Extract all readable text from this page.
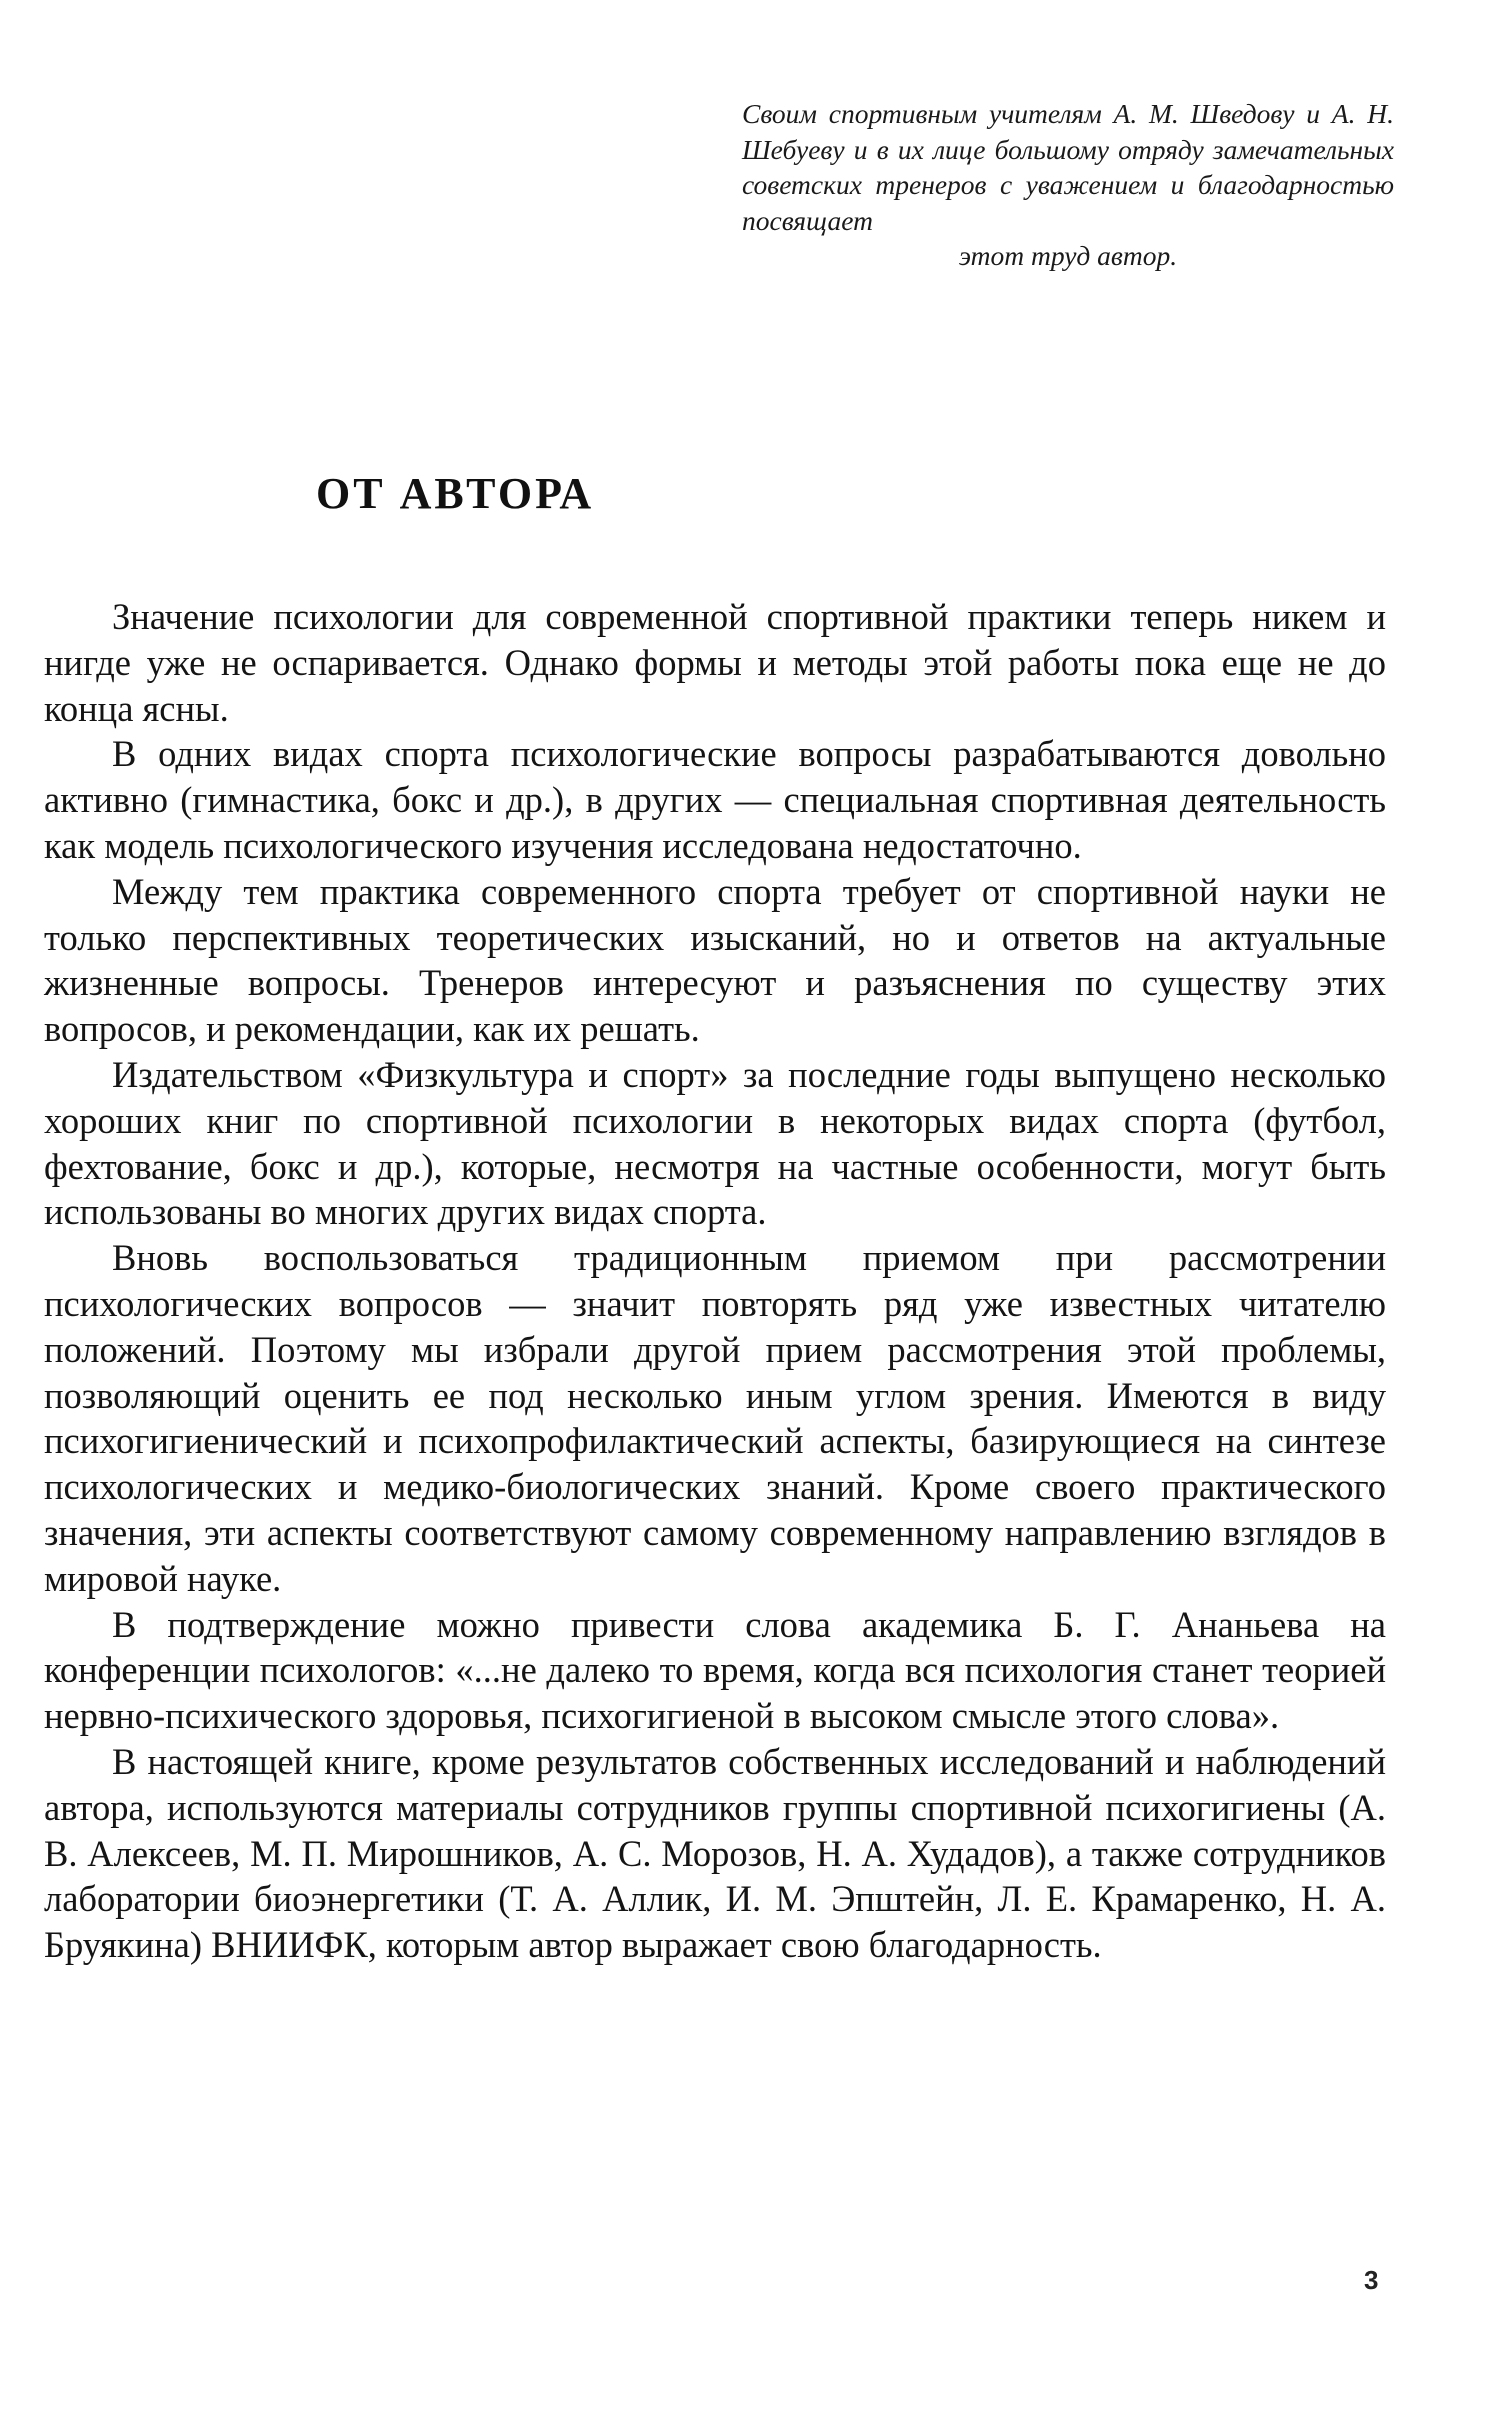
Своим спортивным учителям А. М. Шведову и А. Н. Шебуеву и в их лице большому отряду замечательных советских тренеров с уважением и благодарностью посвящает
этот труд автор.
ОТ АВТОРА

Значение психологии для современной спортивной практики теперь никем и нигде уже не оспаривается. Однако формы и методы этой работы пока еще не до конца ясны.

В одних видах спорта психологические вопросы разрабатываются довольно активно (гимнастика, бокс и др.), в других — специальная спортивная деятельность как модель психологического изучения исследована недостаточно.

Между тем практика современного спорта требует от спортивной науки не только перспективных теоретических изысканий, но и ответов на актуальные жизненные вопросы. Тренеров интересуют и разъяснения по существу этих вопросов, и рекомендации, как их решать.

Издательством «Физкультура и спорт» за последние годы выпущено несколько хороших книг по спортивной психологии в некоторых видах спорта (футбол, фехтование, бокс и др.), которые, несмотря на частные особенности, могут быть использованы во многих других видах спорта.

Вновь воспользоваться традиционным приемом при рассмотрении психологических вопросов — значит повторять ряд уже известных читателю положений. Поэтому мы избрали другой прием рассмотрения этой проблемы, позволяющий оценить ее под несколько иным углом зрения. Имеются в виду психогигиенический и психопрофилактический аспекты, базирующиеся на синтезе психологических и медико-биологических знаний. Кроме своего практического значения, эти аспекты соответствуют самому современному направлению взглядов в мировой науке.

В подтверждение можно привести слова академика Б. Г. Ананьева на конференции психологов: «...не далеко то время, когда вся психология станет теорией нервно-психического здоровья, психогигиеной в высоком смысле этого слова».

В настоящей книге, кроме результатов собственных исследований и наблюдений автора, используются материалы сотрудников группы спортивной психогигиены (А. В. Алексеев, М. П. Мирошников, А. С. Морозов, Н. А. Худадов), а также сотрудников лаборатории биоэнергетики (Т. А. Аллик, И. М. Эпштейн, Л. Е. Крамаренко, Н. А. Бруякина) ВНИИФК, которым автор выражает свою благодарность.

3
